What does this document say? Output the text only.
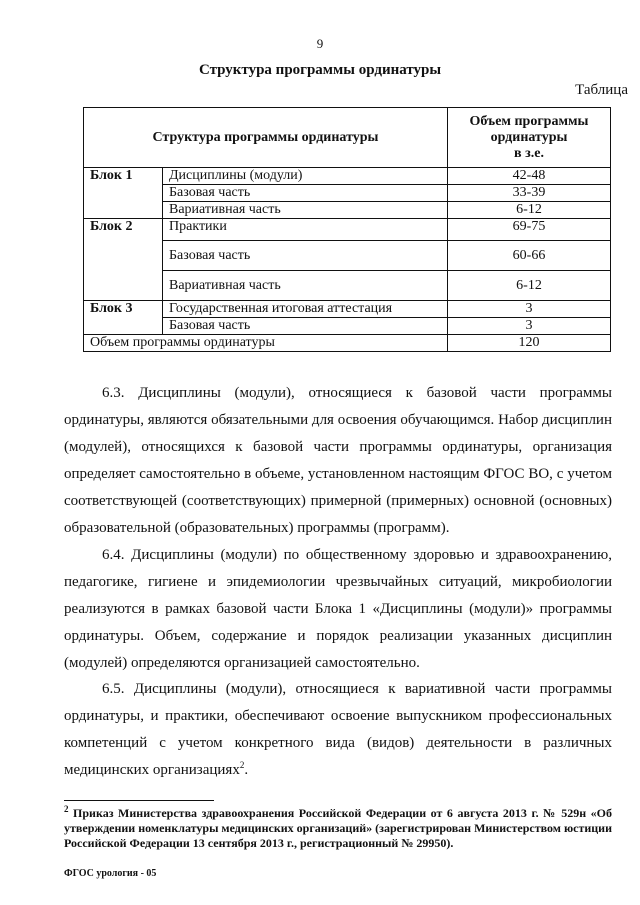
9
Структура программы ординатуры
Таблица
Структура программы ординатуры		Объем программы
ординатуры
в з.е.

Блок 1	Дисциплины (модули)	42-48
	Базовая часть	33-39
	Вариативная часть	6-12
Блок 2	Практики	69-75
	Базовая часть	60-66
	Вариативная часть	6-12
Блок 3	Государственная итоговая аттестация	3
	Базовая часть	3
Объем программы ординатуры		120

6.3. Дисциплины (модули), относящиеся к базовой части программы ординатуры, являются обязательными для освоения обучающимся. Набор дисциплин (модулей), относящихся к базовой части программы ординатуры, организация определяет самостоятельно в объеме, установленном настоящим ФГОС ВО, с учетом соответствующей (соответствующих) примерной (примерных) основной (основных) образовательной (образовательных) программы (программ).

6.4. Дисциплины (модули) по общественному здоровью и здравоохранению, педагогике, гигиене и эпидемиологии чрезвычайных ситуаций, микробиологии реализуются в рамках базовой части Блока 1 «Дисциплины (модули)» программы ординатуры. Объем, содержание и порядок реализации указанных дисциплин (модулей) определяются организацией самостоятельно.

6.5. Дисциплины (модули), относящиеся к вариативной части программы ординатуры, и практики, обеспечивают освоение выпускником профессиональных компетенций с учетом конкретного вида (видов) деятельности в различных медицинских организациях$^2$.

$^2$ Приказ Министерства здравоохранения Российской Федерации от 6 августа 2013 г. № 529н «Об утверждении номенклатуры медицинских организаций» (зарегистрирован Министерством юстиции Российской Федерации 13 сентября 2013 г., регистрационный № 29950).

ФГОС урология - 05
